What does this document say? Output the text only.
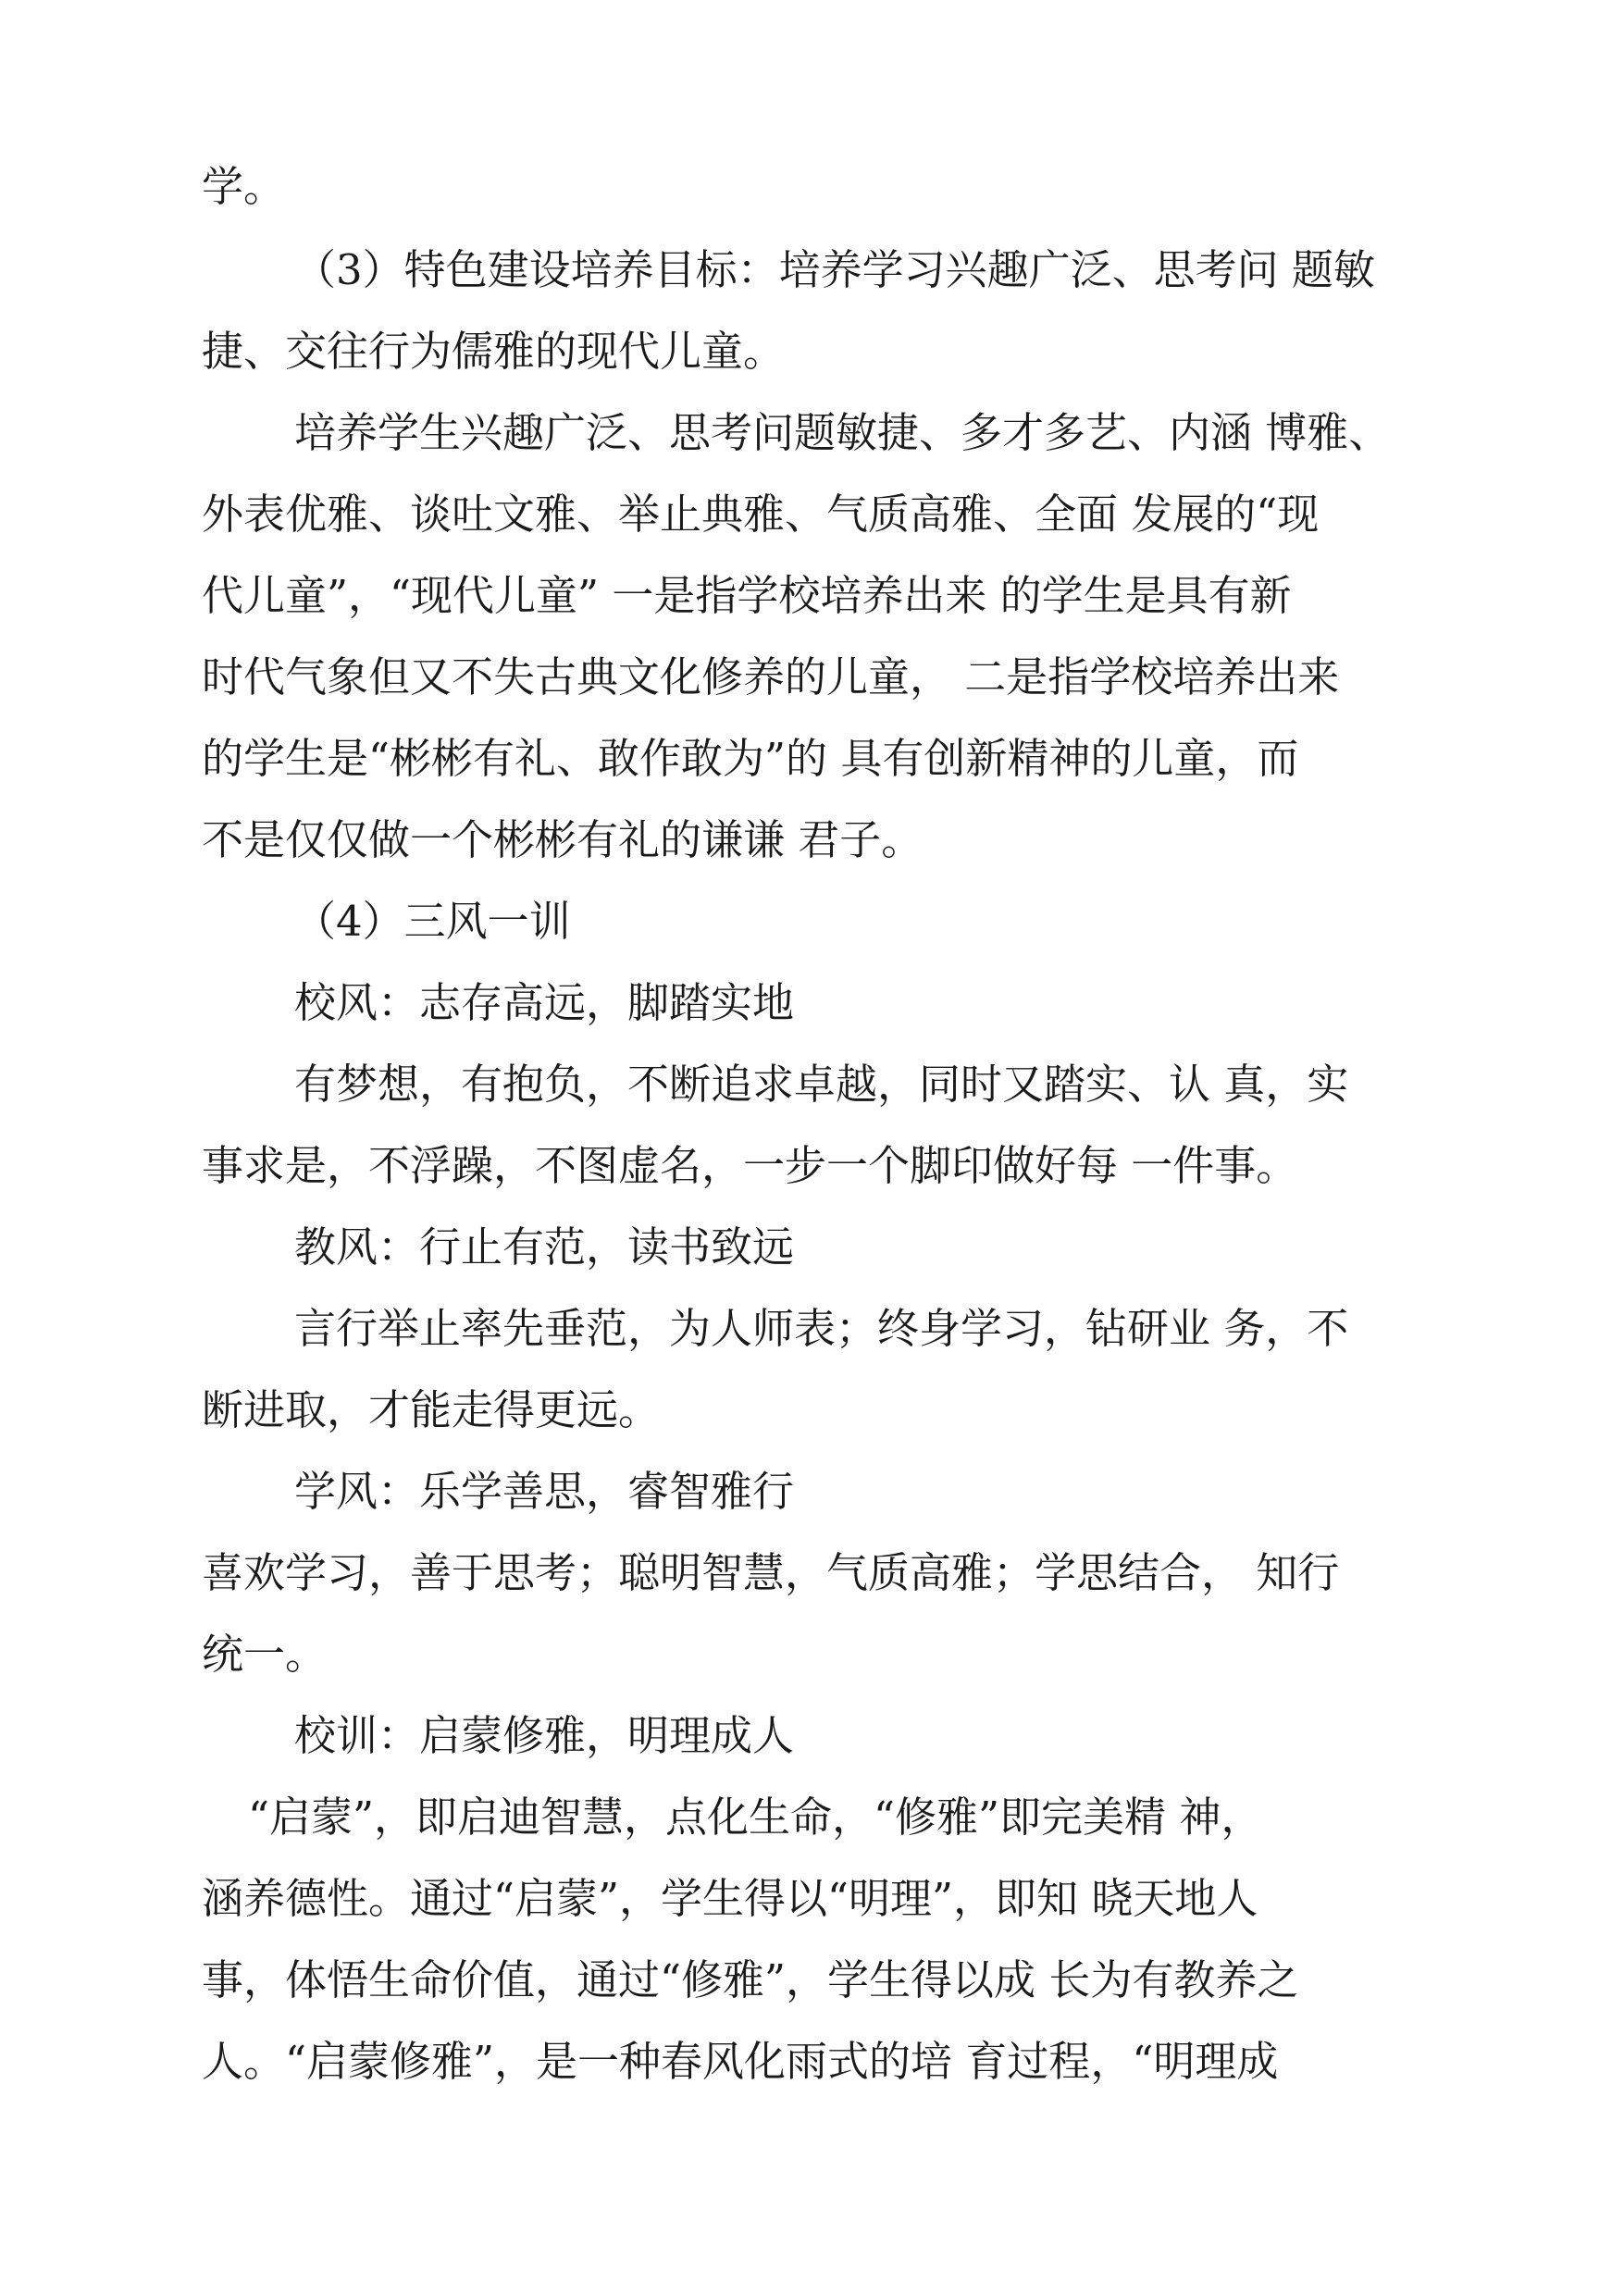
学。

（3）特色建设培养目标：培养学习兴趣广泛、思考问 题敏

捷、交往行为儒雅的现代儿童。

培养学生兴趣广泛、思考问题敏捷、多才多艺、内涵 博雅、

外表优雅、谈吐文雅、举止典雅、气质高雅、全面 发展的“现

代儿童”，“现代儿童” 一是指学校培养出来 的学生是具有新

时代气象但又不失古典文化修养的儿童， 二是指学校培养出来

的学生是“彬彬有礼、敢作敢为”的 具有创新精神的儿童，而

不是仅仅做一个彬彬有礼的谦谦 君子。

（4）三风一训

校风：志存高远，脚踏实地

有梦想，有抱负，不断追求卓越，同时又踏实、认 真，实

事求是，不浮躁，不图虚名，一步一个脚印做好每 一件事。

教风：行止有范，读书致远

言行举止率先垂范，为人师表；终身学习，钻研业 务，不

断进取，才能走得更远。

学风：乐学善思，睿智雅行

喜欢学习，善于思考；聪明智慧，气质高雅；学思结合， 知行

统一。

校训：启蒙修雅，明理成人

“启蒙”，即启迪智慧，点化生命，“修雅”即完美精 神，

涵养德性。通过“启蒙”，学生得以“明理”，即知 晓天地人

事，体悟生命价值，通过“修雅”，学生得以成 长为有教养之

人。“启蒙修雅”，是一种春风化雨式的培 育过程，“明理成
